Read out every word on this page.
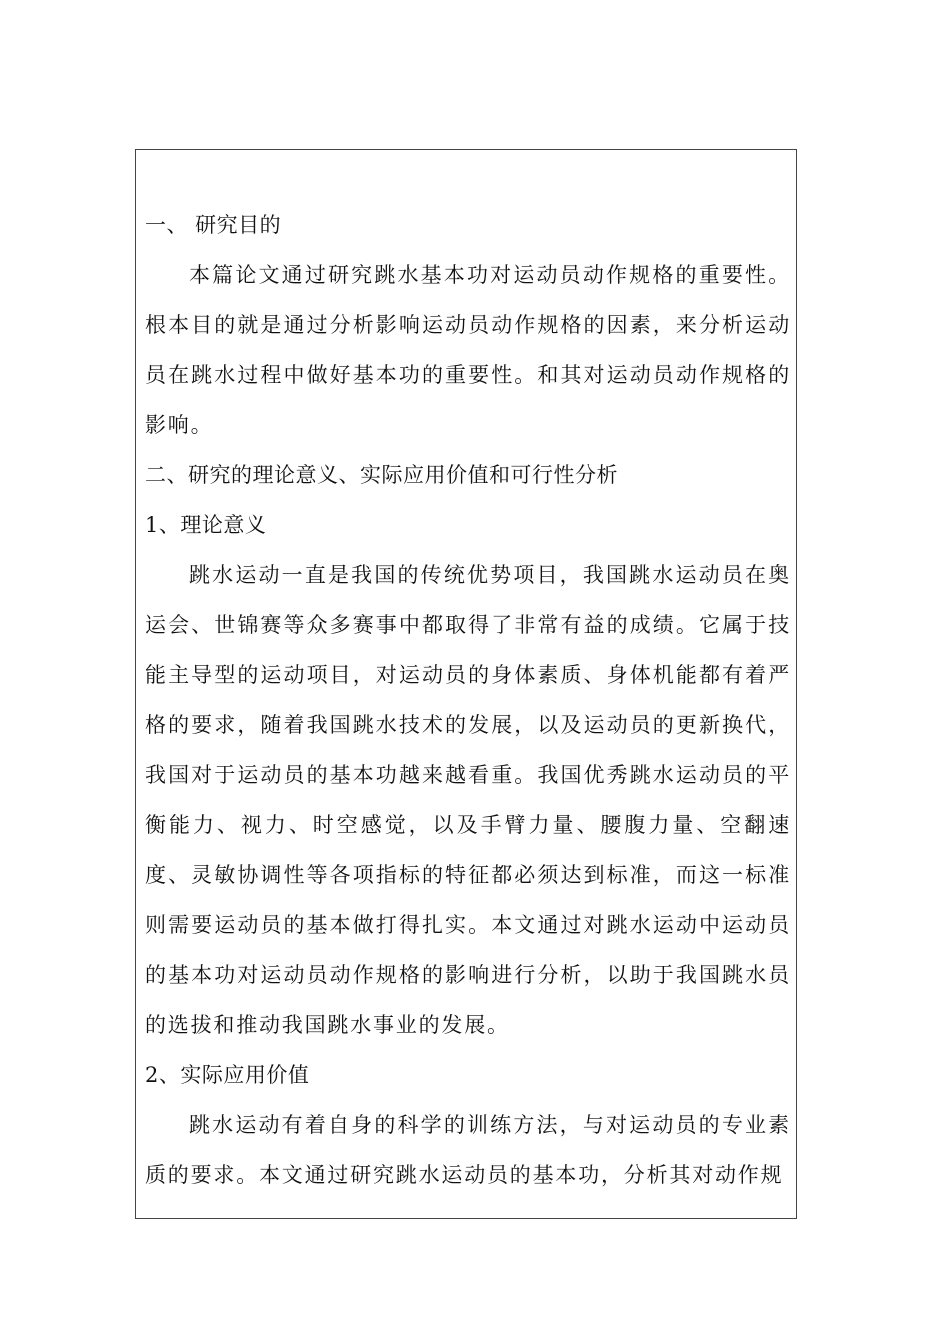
一、 研究目的

本篇论文通过研究跳水基本功对运动员动作规格的重要性。根本目的就是通过分析影响运动员动作规格的因素，来分析运动员在跳水过程中做好基本功的重要性。和其对运动员动作规格的影响。

二、研究的理论意义、实际应用价值和可行性分析
1、理论意义

跳水运动一直是我国的传统优势项目，我国跳水运动员在奥运会、世锦赛等众多赛事中都取得了非常有益的成绩。它属于技能主导型的运动项目，对运动员的身体素质、身体机能都有着严格的要求，随着我国跳水技术的发展，以及运动员的更新换代，我国对于运动员的基本功越来越看重。我国优秀跳水运动员的平衡能力、视力、时空感觉，以及手臂力量、腰腹力量、空翻速度、灵敏协调性等各项指标的特征都必须达到标准，而这一标准则需要运动员的基本做打得扎实。本文通过对跳水运动中运动员的基本功对运动员动作规格的影响进行分析，以助于我国跳水员的选拔和推动我国跳水事业的发展。

2、实际应用价值

跳水运动有着自身的科学的训练方法，与对运动员的专业素质的要求。本文通过研究跳水运动员的基本功，分析其对动作规
